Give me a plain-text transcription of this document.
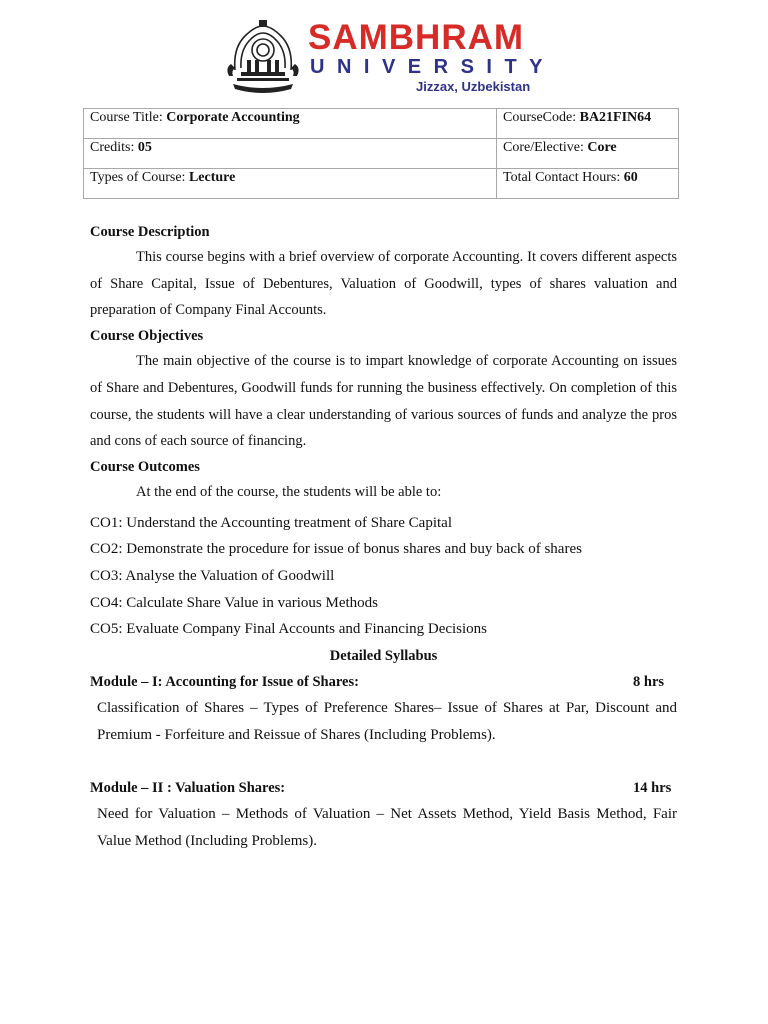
SAMBHRAM
UNIVERSITY
Jizzax, Uzbekistan
Course Title: Corporate Accounting	CourseCode: BA21FIN64
Credits: 05	Core/Elective: Core
Types of Course: Lecture	Total Contact Hours: 60
Course Description

This course begins with a brief overview of corporate Accounting. It covers different aspects of Share Capital, Issue of Debentures, Valuation of Goodwill, types of shares valuation and preparation of Company Final Accounts.

Course Objectives

The main objective of the course is to impart knowledge of corporate Accounting on issues of Share and Debentures, Goodwill funds for running the business effectively. On completion of this course, the students will have a clear understanding of various sources of funds and analyze the pros and cons of each source of financing.

Course Outcomes

At the end of the course, the students will be able to:

CO1: Understand the Accounting treatment of Share Capital
CO2: Demonstrate the procedure for issue of bonus shares and buy back of shares
CO3: Analyse the Valuation of Goodwill
CO4: Calculate Share Value in various Methods
CO5: Evaluate Company Final Accounts and Financing Decisions
Detailed Syllabus
Module – I: Accounting for Issue of Shares:	8 hrs

Classification of Shares – Types of Preference Shares– Issue of Shares at Par, Discount and Premium - Forfeiture and Reissue of Shares (Including Problems).

Module – II : Valuation Shares:	14 hrs

Need for Valuation – Methods of Valuation – Net Assets Method, Yield Basis Method, Fair Value Method (Including Problems).
